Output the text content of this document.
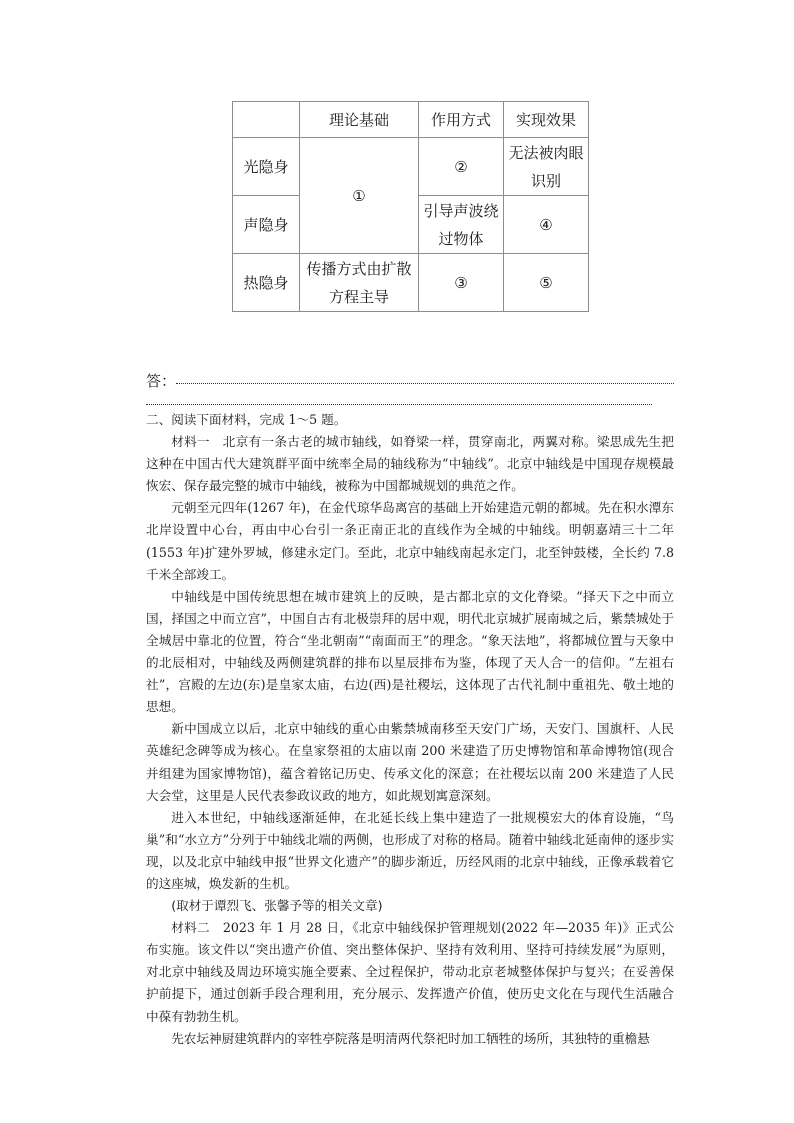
	理论基础	作用方式	实现效果
光隐身	①	②	无法被肉眼识别
声隐身		引导声波绕过物体	④
热隐身	传播方式由扩散方程主导	③	⑤
答：

二、阅读下面材料，完成 1～5 题。

材料一　北京有一条古老的城市轴线，如脊梁一样，贯穿南北，两翼对称。梁思成先生把这种在中国古代大建筑群平面中统率全局的轴线称为“中轴线”。北京中轴线是中国现存规模最恢宏、保存最完整的城市中轴线，被称为中国都城规划的典范之作。

元朝至元四年(1267 年)，在金代琼华岛离宫的基础上开始建造元朝的都城。先在积水潭东北岸设置中心台，再由中心台引一条正南正北的直线作为全城的中轴线。明朝嘉靖三十二年(1553 年)扩建外罗城，修建永定门。至此，北京中轴线南起永定门，北至钟鼓楼，全长约 7.8 千米全部竣工。

中轴线是中国传统思想在城市建筑上的反映，是古都北京的文化脊梁。“择天下之中而立国，择国之中而立宫”，中国自古有北极崇拜的居中观，明代北京城扩展南城之后，紫禁城处于全城居中靠北的位置，符合“坐北朝南”“南面而王”的理念。“象天法地”，将都城位置与天象中的北辰相对，中轴线及两侧建筑群的排布以星辰排布为鉴，体现了天人合一的信仰。“左祖右社”，宫殿的左边(东)是皇家太庙，右边(西)是社稷坛，这体现了古代礼制中重祖先、敬土地的思想。

新中国成立以后，北京中轴线的重心由紫禁城南移至天安门广场，天安门、国旗杆、人民英雄纪念碑等成为核心。在皇家祭祖的太庙以南 200 米建造了历史博物馆和革命博物馆(现合并组建为国家博物馆)，蕴含着铭记历史、传承文化的深意；在社稷坛以南 200 米建造了人民大会堂，这里是人民代表参政议政的地方，如此规划寓意深刻。

进入本世纪，中轴线逐渐延伸，在北延长线上集中建造了一批规模宏大的体育设施，“鸟巢”和“水立方”分列于中轴线北端的两侧，也形成了对称的格局。随着中轴线北延南伸的逐步实现，以及北京中轴线申报“世界文化遗产”的脚步渐近，历经风雨的北京中轴线，正像承载着它的这座城，焕发新的生机。

(取材于谭烈飞、张馨予等的相关文章)

材料二　2023 年 1 月 28 日，《北京中轴线保护管理规划(2022 年—2035 年)》正式公布实施。该文件以“突出遗产价值、突出整体保护、坚持有效利用、坚持可持续发展”为原则，对北京中轴线及周边环境实施全要素、全过程保护，带动北京老城整体保护与复兴；在妥善保护前提下，通过创新手段合理利用，充分展示、发挥遗产价值，使历史文化在与现代生活融合中葆有勃勃生机。

先农坛神厨建筑群内的宰牲亭院落是明清两代祭祀时加工牺牲的场所，其独特的重檐悬
